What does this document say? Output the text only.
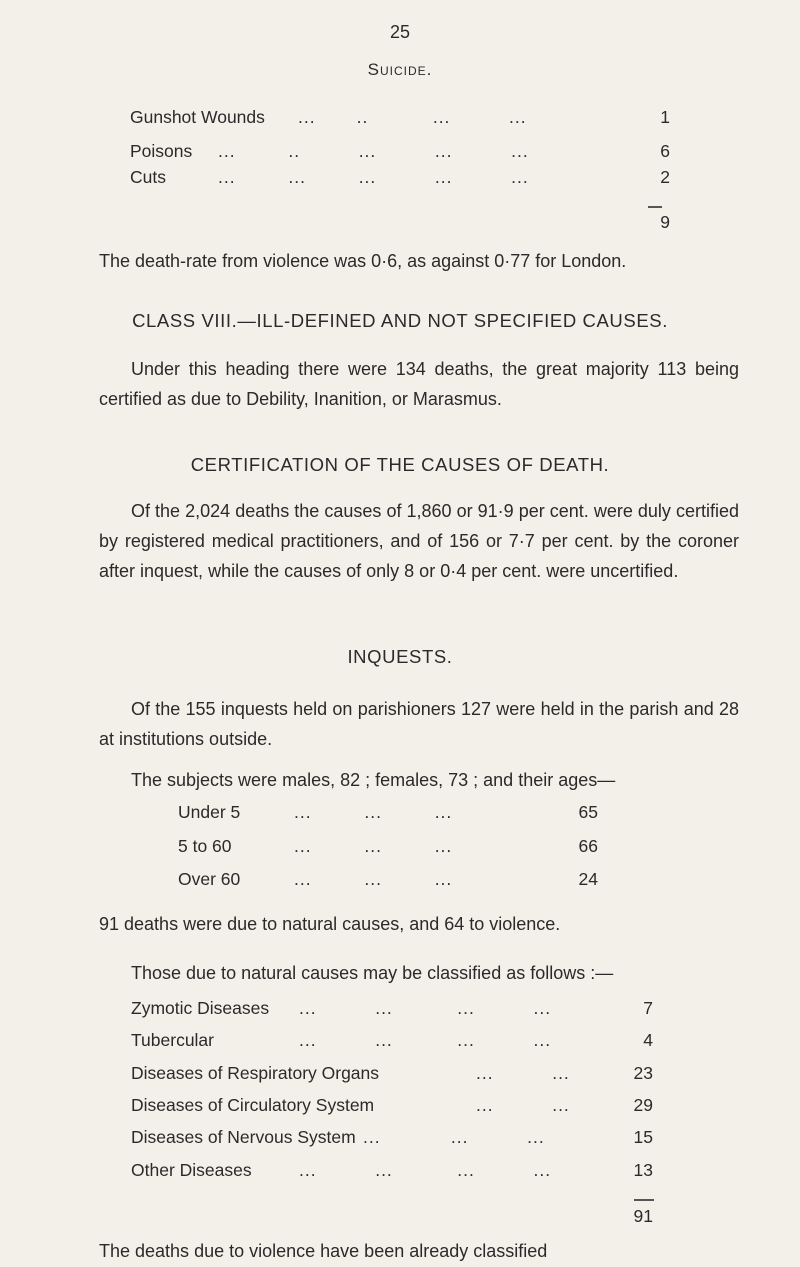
25
Suicide.
Gunshot Wounds ...       ..           ...          ...	1
Poisons ...         ..          ...          ...          ...	6
Cuts	...         ...         ...          ...          ...	2
9
The death-rate from violence was 0·6, as against 0·77 for London.
CLASS VIII.—ILL-DEFINED AND NOT SPECIFIED CAUSES.
Under this heading there were 134 deaths, the great majority 113 being certified as due to Debility, Inanition, or Marasmus.
CERTIFICATION OF THE CAUSES OF DEATH.
Of the 2,024 deaths the causes of 1,860 or 91·9 per cent. were duly certified by registered medical practitioners, and of 156 or 7·7 per cent. by the coroner after inquest, while the causes of only 8 or 0·4 per cent. were uncertified.
INQUESTS.
Of the 155 inquests held on parishioners 127 were held in the parish and 28 at institutions outside.
The subjects were males, 82 ; females, 73 ; and their ages—
Under 5	...         ...         ...	65
5 to 60	...         ...         ...	66
Over 60	...         ...         ...	24
91 deaths were due to natural causes, and 64 to violence.
Those due to natural causes may be classified as follows :—
Zymotic Diseases ...          ...           ...          ...	7
Tubercular	...          ...           ...          ...	4
Diseases of Respiratory Organs	...          ...	23
Diseases of Circulatory System	...          ...	29
Diseases of Nervous System ...            ...          ...	15
Other Diseases	...          ...           ...          ...	13
91
The deaths due to violence have been already classified
